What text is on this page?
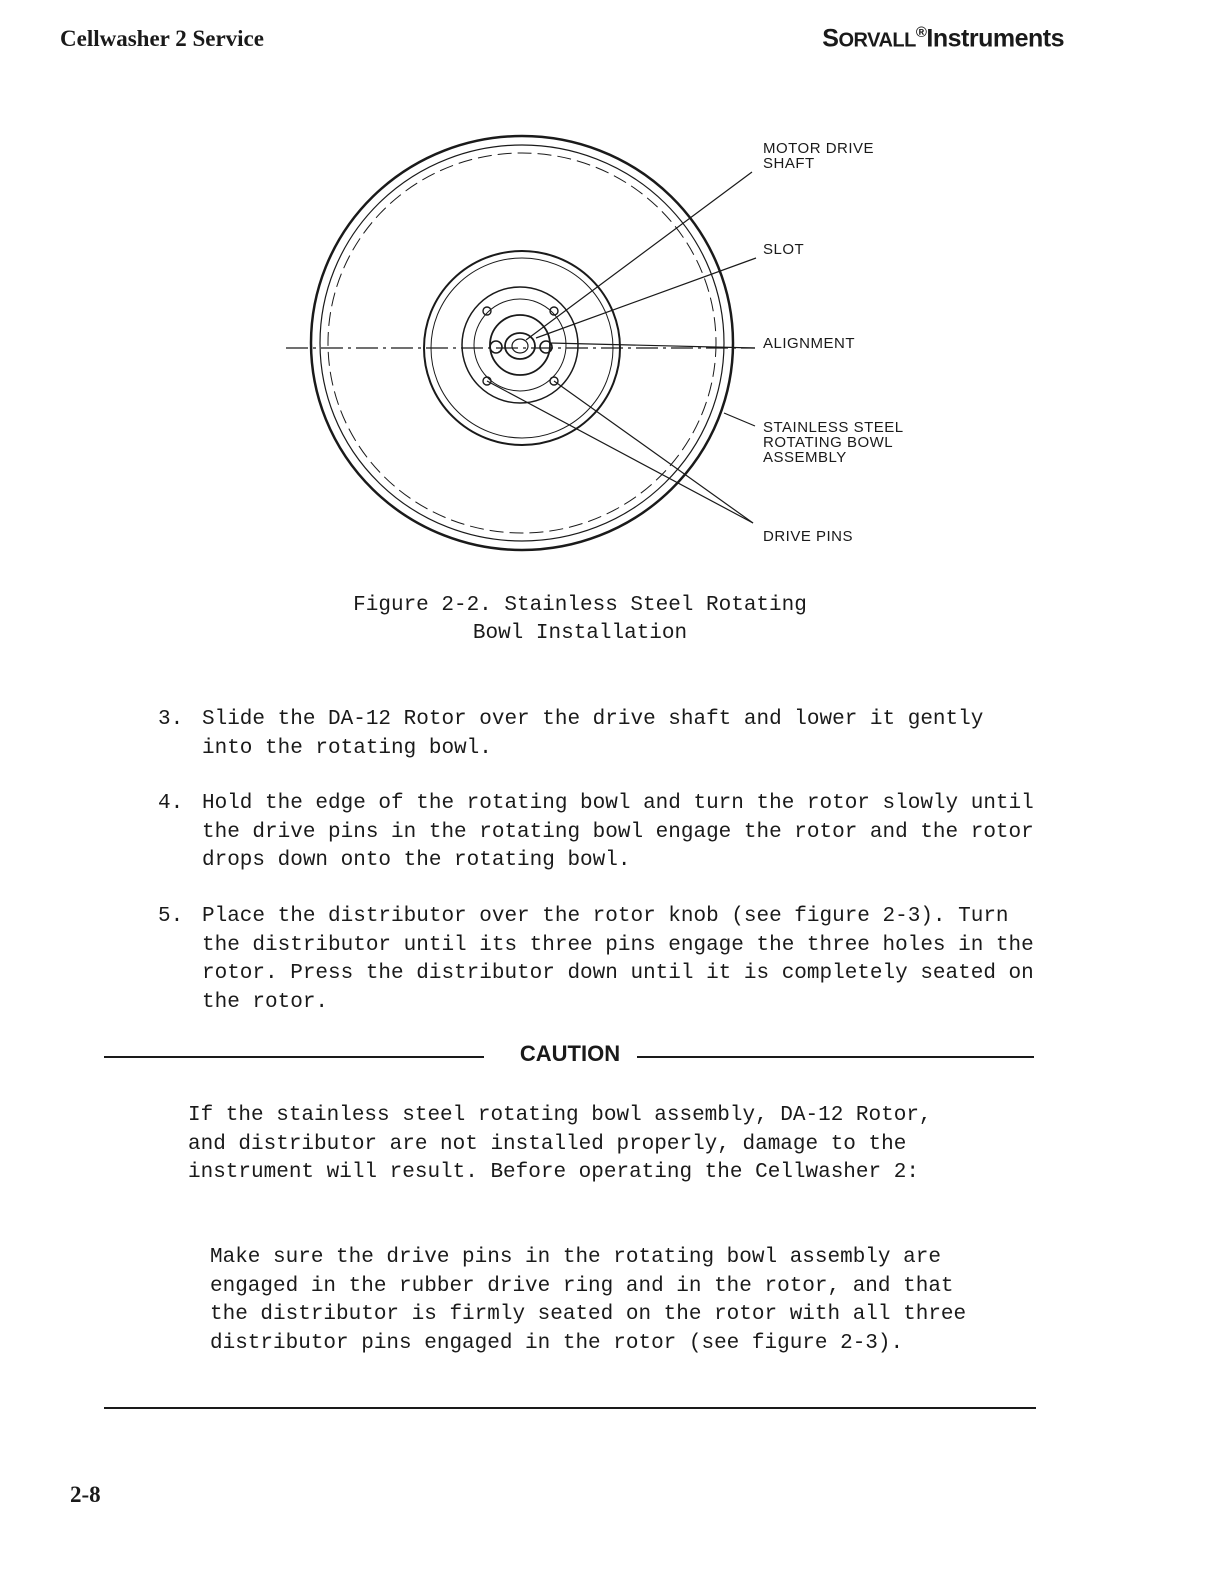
Cellwasher 2 Service	SORVALL®Instruments
MOTOR DRIVE
SHAFT
SLOT
ALIGNMENT
STAINLESS STEEL
ROTATING BOWL
ASSEMBLY
DRIVE PINS
Figure 2-2. Stainless Steel Rotating
Bowl Installation
3. Slide the DA-12 Rotor over the drive shaft and lower it gently into the rotating bowl.
4. Hold the edge of the rotating bowl and turn the rotor slowly until the drive pins in the rotating bowl engage the rotor and the rotor drops down onto the rotating bowl.
5. Place the distributor over the rotor knob (see figure 2-3). Turn the distributor until its three pins engage the three holes in the rotor. Press the distributor down until it is completely seated on the rotor.
CAUTION
If the stainless steel rotating bowl assembly, DA-12 Rotor, and distributor are not installed properly, damage to the instrument will result. Before operating the Cellwasher 2:
Make sure the drive pins in the rotating bowl assembly are engaged in the rubber drive ring and in the rotor, and that the distributor is firmly seated on the rotor with all three distributor pins engaged in the rotor (see figure 2-3).
2-8
